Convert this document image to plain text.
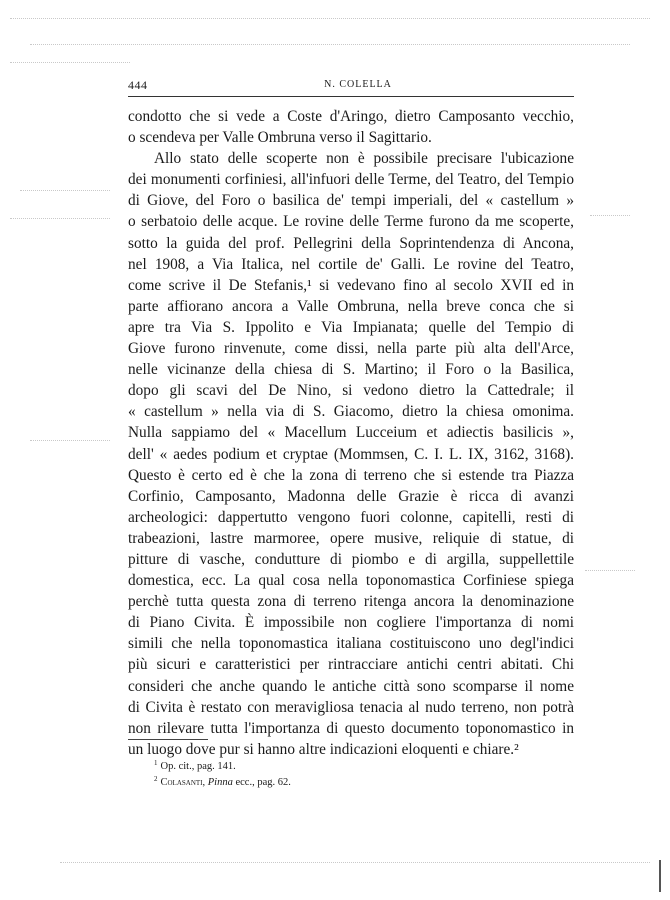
444	N. COLELLA
condotto che si vede a Coste d'Aringo, dietro Camposanto vecchio,
o scendeva per Valle Ombruna verso il Sagittario.
Allo stato delle scoperte non è possibile precisare l'ubicazione
dei monumenti corfiniesi, all'infuori delle Terme, del Teatro, del Tempio
di Giove, del Foro o basilica de' tempi imperiali, del « castellum »
o serbatoio delle acque. Le rovine delle Terme furono da me scoperte,
sotto la guida del prof. Pellegrini della Soprintendenza di Ancona,
nel 1908, a Via Italica, nel cortile de' Galli. Le rovine del Teatro,
come scrive il De Stefanis,¹ si vedevano fino al secolo XVII ed in
parte affiorano ancora a Valle Ombruna, nella breve conca che si
apre tra Via S. Ippolito e Via Impianata; quelle del Tempio di
Giove furono rinvenute, come dissi, nella parte più alta dell'Arce,
nelle vicinanze della chiesa di S. Martino; il Foro o la Basilica,
dopo gli scavi del De Nino, si vedono dietro la Cattedrale; il
« castellum » nella via di S. Giacomo, dietro la chiesa omonima.
Nulla sappiamo del « Macellum Lucceium et adiectis basilicis »,
dell' « aedes podium et cryptae (Mommsen, C. I. L. IX, 3162, 3168).
Questo è certo ed è che la zona di terreno che si estende tra Piazza
Corfinio, Camposanto, Madonna delle Grazie è ricca di avanzi
archeologici: dappertutto vengono fuori colonne, capitelli, resti di
trabeazioni, lastre marmoree, opere musive, reliquie di statue, di
pitture di vasche, condutture di piombo e di argilla, suppellettile
domestica, ecc. La qual cosa nella toponomastica Corfiniese spiega
perchè tutta questa zona di terreno ritenga ancora la denominazione
di Piano Civita. È impossibile non cogliere l'importanza di nomi
simili che nella toponomastica italiana costituiscono uno degl'indici
più sicuri e caratteristici per rintracciare antichi centri abitati. Chi
consideri che anche quando le antiche città sono scomparse il nome
di Civita è restato con meravigliosa tenacia al nudo terreno, non potrà
non rilevare tutta l'importanza di questo documento toponomastico in
un luogo dove pur si hanno altre indicazioni eloquenti e chiare.²
$^1$ Op. cit., pag. 141.
$^2$ Colasanti, Pinna ecc., pag. 62.
